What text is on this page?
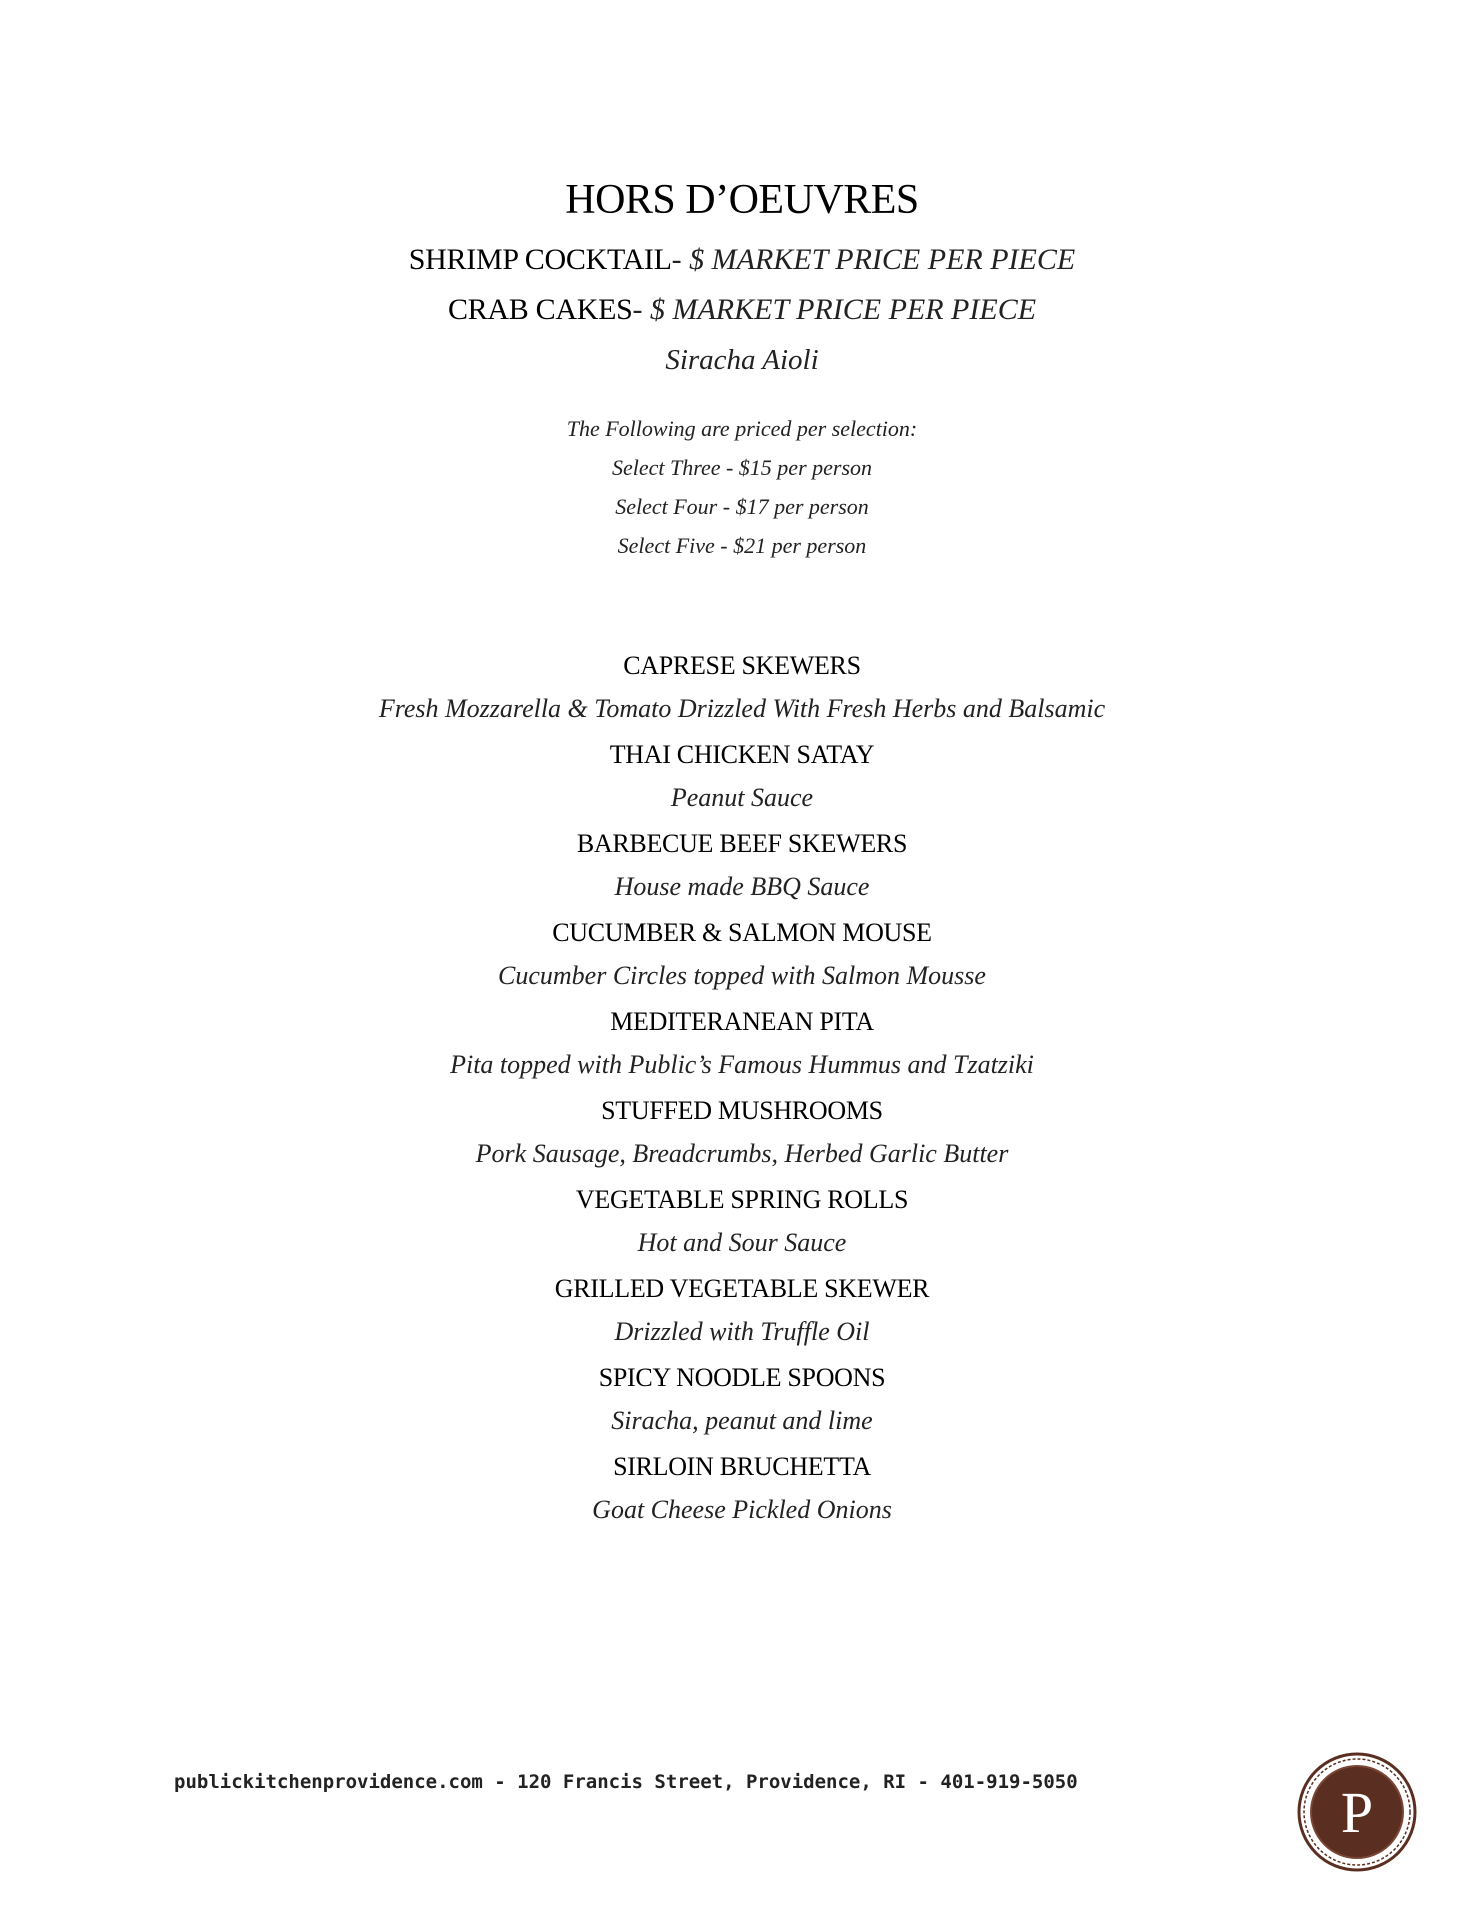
HORS D’OEUVRES
SHRIMP COCKTAIL- $ MARKET PRICE PER PIECE
CRAB CAKES- $ MARKET PRICE PER PIECE
Siracha Aioli
The Following are priced per selection:
Select Three - $15 per person
Select Four - $17 per person
Select Five - $21 per person
CAPRESE SKEWERS
Fresh Mozzarella & Tomato Drizzled With Fresh Herbs and Balsamic
THAI CHICKEN SATAY
Peanut Sauce
BARBECUE BEEF SKEWERS
House made BBQ Sauce
CUCUMBER & SALMON MOUSE
Cucumber Circles topped with Salmon Mousse
MEDITERANEAN PITA
Pita topped with Public’s Famous Hummus and Tzatziki
STUFFED MUSHROOMS
Pork Sausage, Breadcrumbs, Herbed Garlic Butter
VEGETABLE SPRING ROLLS
Hot and Sour Sauce
GRILLED VEGETABLE SKEWER
Drizzled with Truffle Oil
SPICY NOODLE SPOONS
Siracha, peanut and lime
SIRLOIN BRUCHETTA
Goat Cheese Pickled Onions
publickitchenprovidence.com - 120 Francis Street, Providence, RI - 401-919-5050	P
